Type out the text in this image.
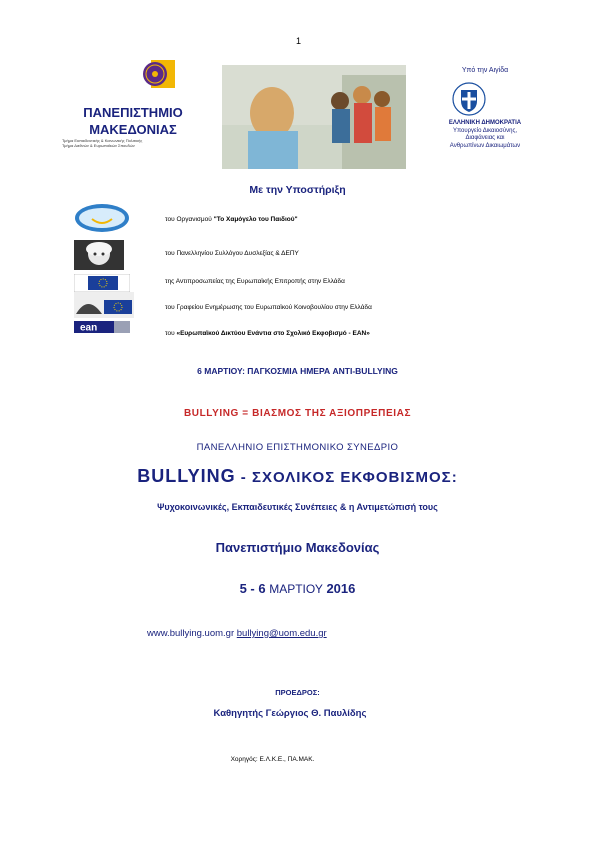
1
ΠΑΝΕΠΙΣΤΗΜΙΟ
ΜΑΚΕΔΟΝΙΑΣ
Τμήμα Εκπαιδευτικής & Κοινωνικής Πολιτικής
Τμήμα Διεθνών & Ευρωπαϊκών Σπουδών
Υπό την Αιγίδα
ΕΛΛΗΝΙΚΗ ΔΗΜΟΚΡΑΤΙΑ
Υπουργείο Δικαιοσύνης,
Διαφάνειας και
Ανθρωπίνων Δικαιωμάτων
Με την Υποστήριξη
του Οργανισμού "Το Χαμόγελο του Παιδιού"
του Πανελληνίου Συλλόγου Δυσλεξίας & ΔΕΠΥ
της Αντιπροσωπείας της Ευρωπαϊκής Επιτροπής στην Ελλάδα
του Γραφείου Ενημέρωσης του Ευρωπαϊκού Κοινοβουλίου στην Ελλάδα
ean	του «Ευρωπαϊκού Δικτύου Ενάντια στο Σχολικό Εκφοβισμό - ΕΑΝ»
6 ΜΑΡΤΙΟΥ: ΠΑΓΚΟΣΜΙΑ ΗΜΕΡΑ ANTI-BULLYING
BULLYING = ΒΙΑΣΜΟΣ ΤΗΣ ΑΞΙΟΠΡΕΠΕΙΑΣ
ΠΑΝΕΛΛΗΝΙΟ ΕΠΙΣΤΗΜΟΝΙΚΟ ΣΥΝΕΔΡΙΟ
BULLYING - ΣΧΟΛΙΚΟΣ ΕΚΦΟΒΙΣΜΟΣ:
Ψυχοκοινωνικές, Εκπαιδευτικές Συνέπειες & η Αντιμετώπισή τους
Πανεπιστήμιο Μακεδονίας
5 - 6 ΜΑΡΤΙΟΥ 2016
www.bullying.uom.gr bullying@uom.edu.gr
ΠΡΟΕΔΡΟΣ:
Καθηγητής Γεώργιος Θ. Παυλίδης
Χορηγός: Ε.Λ.Κ.Ε., ΠΑ.ΜΑΚ.
